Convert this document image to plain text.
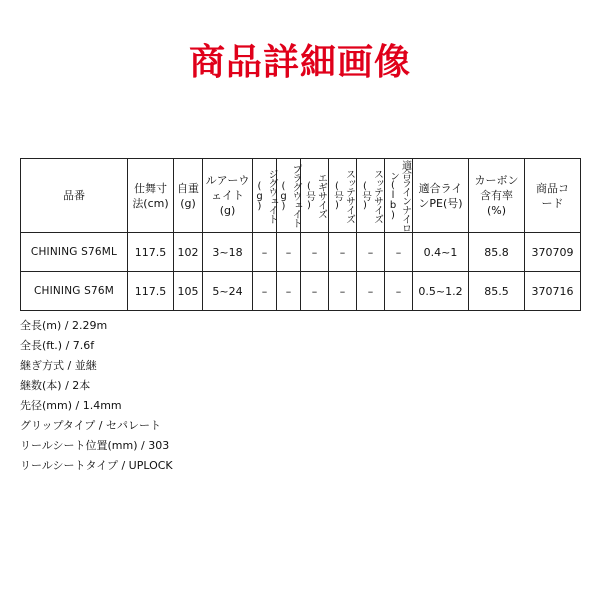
商品詳細画像
品番	仕舞寸法(cm)	自重(g)	ルアーウェイト(g)	ジグウェイト(g)	プラグウェイト(g)	エギサイズ(号)	スッテサイズ(号)	スッテサイズ(号)	適合ラインナイロン(lb)	適合ラインPE(号)	カーボン含有率(%)	商品コード

CHINING S76ML	117.5	102	3~18	–	–	–	–	–	–	0.4~1	85.8	370709
CHINING S76M	117.5	105	5~24	–	–	–	–	–	–	0.5~1.2	85.5	370716
全長(m) / 2.29m
全長(ft.) / 7.6f
継ぎ方式 / 並継
継数(本) / 2本
先径(mm) / 1.4mm
グリップタイプ / セパレート
リールシート位置(mm) / 303
リールシートタイプ / UPLOCK
